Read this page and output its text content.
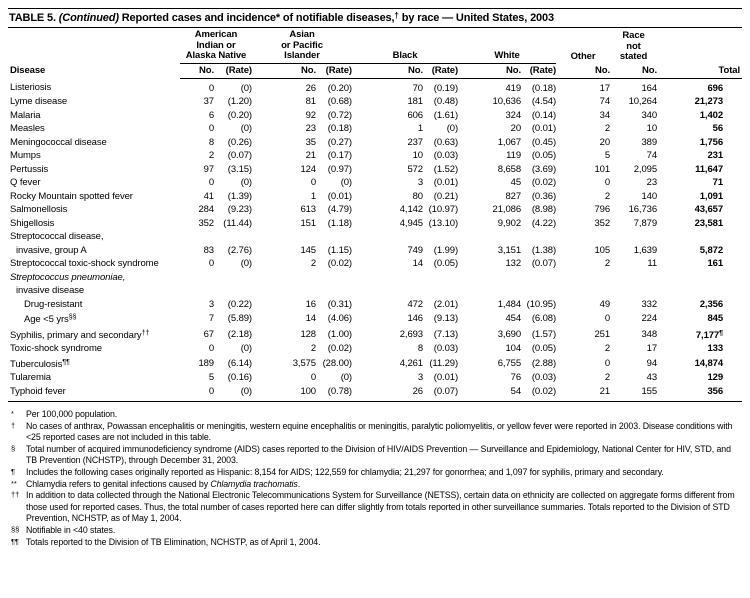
TABLE 5. (Continued) Reported cases and incidence* of notifiable diseases,† by race — United States, 2003
Disease	American
Indian or
Alaska Native		Asian
or Pacific
Islander		Black		White		Other	Race
not
stated	

	No.	(Rate)	No.	(Rate)	No.	(Rate)	No.	(Rate)	No.	No.	Total
Listeriosis	0	(0)	26	(0.20)	70	(0.19)	419	(0.18)	17	164	696
Lyme disease	37	(1.20)	81	(0.68)	181	(0.48)	10,636	(4.54)	74	10,264	21,273
Malaria	6	(0.20)	92	(0.72)	606	(1.61)	324	(0.14)	34	340	1,402
Measles	0	(0)	23	(0.18)	1	(0)	20	(0.01)	2	10	56
Meningococcal disease	8	(0.26)	35	(0.27)	237	(0.63)	1,067	(0.45)	20	389	1,756
Mumps	2	(0.07)	21	(0.17)	10	(0.03)	119	(0.05)	5	74	231
Pertussis	97	(3.15)	124	(0.97)	572	(1.52)	8,658	(3.69)	101	2,095	11,647
Q fever	0	(0)	0	(0)	3	(0.01)	45	(0.02)	0	23	71
Rocky Mountain spotted fever	41	(1.39)	1	(0.01)	80	(0.21)	827	(0.36)	2	140	1,091
Salmonellosis	284	(9.23)	613	(4.79)	4,142	(10.97)	21,086	(8.98)	796	16,736	43,657
Shigellosis	352	(11.44)	151	(1.18)	4,945	(13.10)	9,902	(4.22)	352	7,879	23,581
Streptococcal disease,											
invasive, group A	83	(2.76)	145	(1.15)	749	(1.99)	3,151	(1.38)	105	1,639	5,872
Streptococcal toxic-shock syndrome	0	(0)	2	(0.02)	14	(0.05)	132	(0.07)	2	11	161
Streptococcus pneumoniae,											
invasive disease											
Drug-resistant	3	(0.22)	16	(0.31)	472	(2.01)	1,484	(10.95)	49	332	2,356
Age <5 yrs§§	7	(5.89)	14	(4.06)	146	(9.13)	454	(6.08)	0	224	845
Syphilis, primary and secondary††	67	(2.18)	128	(1.00)	2,693	(7.13)	3,690	(1.57)	251	348	7,177¶
Toxic-shock syndrome	0	(0)	2	(0.02)	8	(0.03)	104	(0.05)	2	17	133
Tuberculosis¶¶	189	(6.14)	3,575	(28.00)	4,261	(11.29)	6,755	(2.88)	0	94	14,874
Tularemia	5	(0.16)	0	(0)	3	(0.01)	76	(0.03)	2	43	129
Typhoid fever	0	(0)	100	(0.78)	26	(0.07)	54	(0.02)	21	155	356
* Per 100,000 population.
† No cases of anthrax, Powassan encephalitis or meningitis, western equine encephalitis or meningitis, paralytic poliomyelitis, or yellow fever were reported in 2003. Disease conditions with <25 reported cases are not included in this table.
§ Total number of acquired immunodeficiency syndrome (AIDS) cases reported to the Division of HIV/AIDS Prevention — Surveillance and Epidemiology, National Center for HIV, STD, and TB Prevention (NCHSTP), through December 31, 2003.
¶ Includes the following cases originally reported as Hispanic: 8,154 for AIDS; 122,559 for chlamydia; 21,297 for gonorrhea; and 1,097 for syphilis, primary and secondary.
** Chlamydia refers to genital infections caused by Chlamydia trachomatis.
†† In addition to data collected through the National Electronic Telecommunications System for Surveillance (NETSS), certain data on ethnicity are collected on aggregate forms different from those used for reported cases. Thus, the total number of cases reported here can differ slightly from totals reported in other surveillance summaries. Totals reported to the Division of STD Prevention, NCHSTP, as of May 1, 2004.
§§ Notifiable in <40 states.
¶¶ Totals reported to the Division of TB Elimination, NCHSTP, as of April 1, 2004.
